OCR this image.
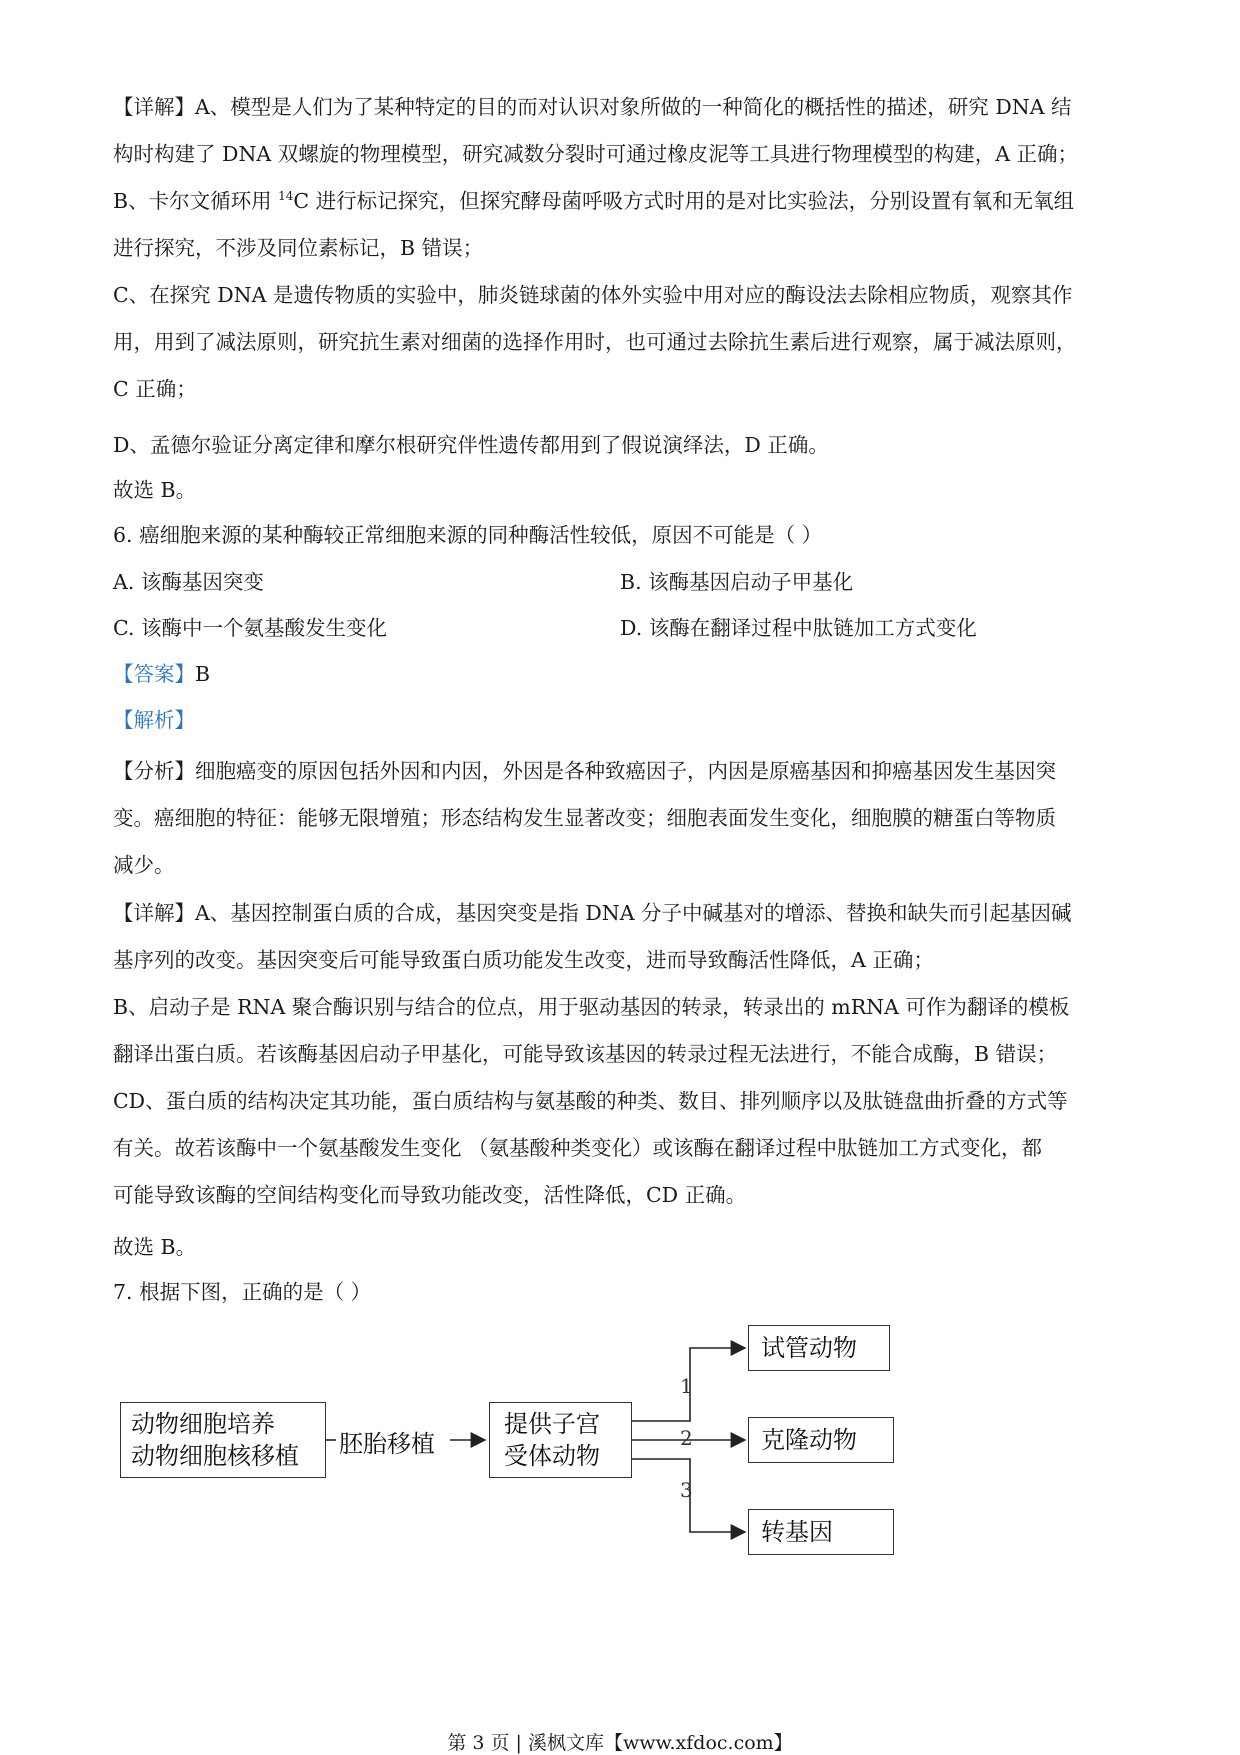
【详解】A、模型是人们为了某种特定的目的而对认识对象所做的一种简化的概括性的描述，研究 DNA 结
构时构建了 DNA 双螺旋的物理模型，研究减数分裂时可通过橡皮泥等工具进行物理模型的构建，A 正确；
B、卡尔文循环用 $^{14}$C 进行标记探究，但探究酵母菌呼吸方式时用的是对比实验法，分别设置有氧和无氧组
进行探究，不涉及同位素标记，B 错误；
C、在探究 DNA 是遗传物质的实验中，肺炎链球菌的体外实验中用对应的酶设法去除相应物质，观察其作
用，用到了减法原则，研究抗生素对细菌的选择作用时，也可通过去除抗生素后进行观察，属于减法原则，
C 正确；
D、孟德尔验证分离定律和摩尔根研究伴性遗传都用到了假说演绎法，D 正确。
故选 B。
6. 癌细胞来源的某种酶较正常细胞来源的同种酶活性较低，原因不可能是（ ）
A. 该酶基因突变	B. 该酶基因启动子甲基化
C. 该酶中一个氨基酸发生变化	D. 该酶在翻译过程中肽链加工方式变化
【答案】B
【解析】
【分析】细胞癌变的原因包括外因和内因，外因是各种致癌因子，内因是原癌基因和抑癌基因发生基因突
变。癌细胞的特征：能够无限增殖；形态结构发生显著改变；细胞表面发生变化，细胞膜的糖蛋白等物质
减少。
【详解】A、基因控制蛋白质的合成，基因突变是指 DNA 分子中碱基对的增添、替换和缺失而引起基因碱
基序列的改变。基因突变后可能导致蛋白质功能发生改变，进而导致酶活性降低，A 正确；
B、启动子是 RNA 聚合酶识别与结合的位点，用于驱动基因的转录，转录出的 mRNA 可作为翻译的模板
翻译出蛋白质。若该酶基因启动子甲基化，可能导致该基因的转录过程无法进行，不能合成酶，B 错误；
CD、蛋白质的结构决定其功能，蛋白质结构与氨基酸的种类、数目、排列顺序以及肽链盘曲折叠的方式等
有关。故若该酶中一个氨基酸发生变化 （氨基酸种类变化）或该酶在翻译过程中肽链加工方式变化，都
可能导致该酶的空间结构变化而导致功能改变，活性降低，CD 正确。
故选 B。
7. 根据下图，正确的是（ ）
动物细胞培养
动物细胞核移植	胚胎移植
提供子宫
受体动物
1
2
3
试管动物
克隆动物
转基因
第 3 页 | 溪枫文库【www.xfdoc.com】
